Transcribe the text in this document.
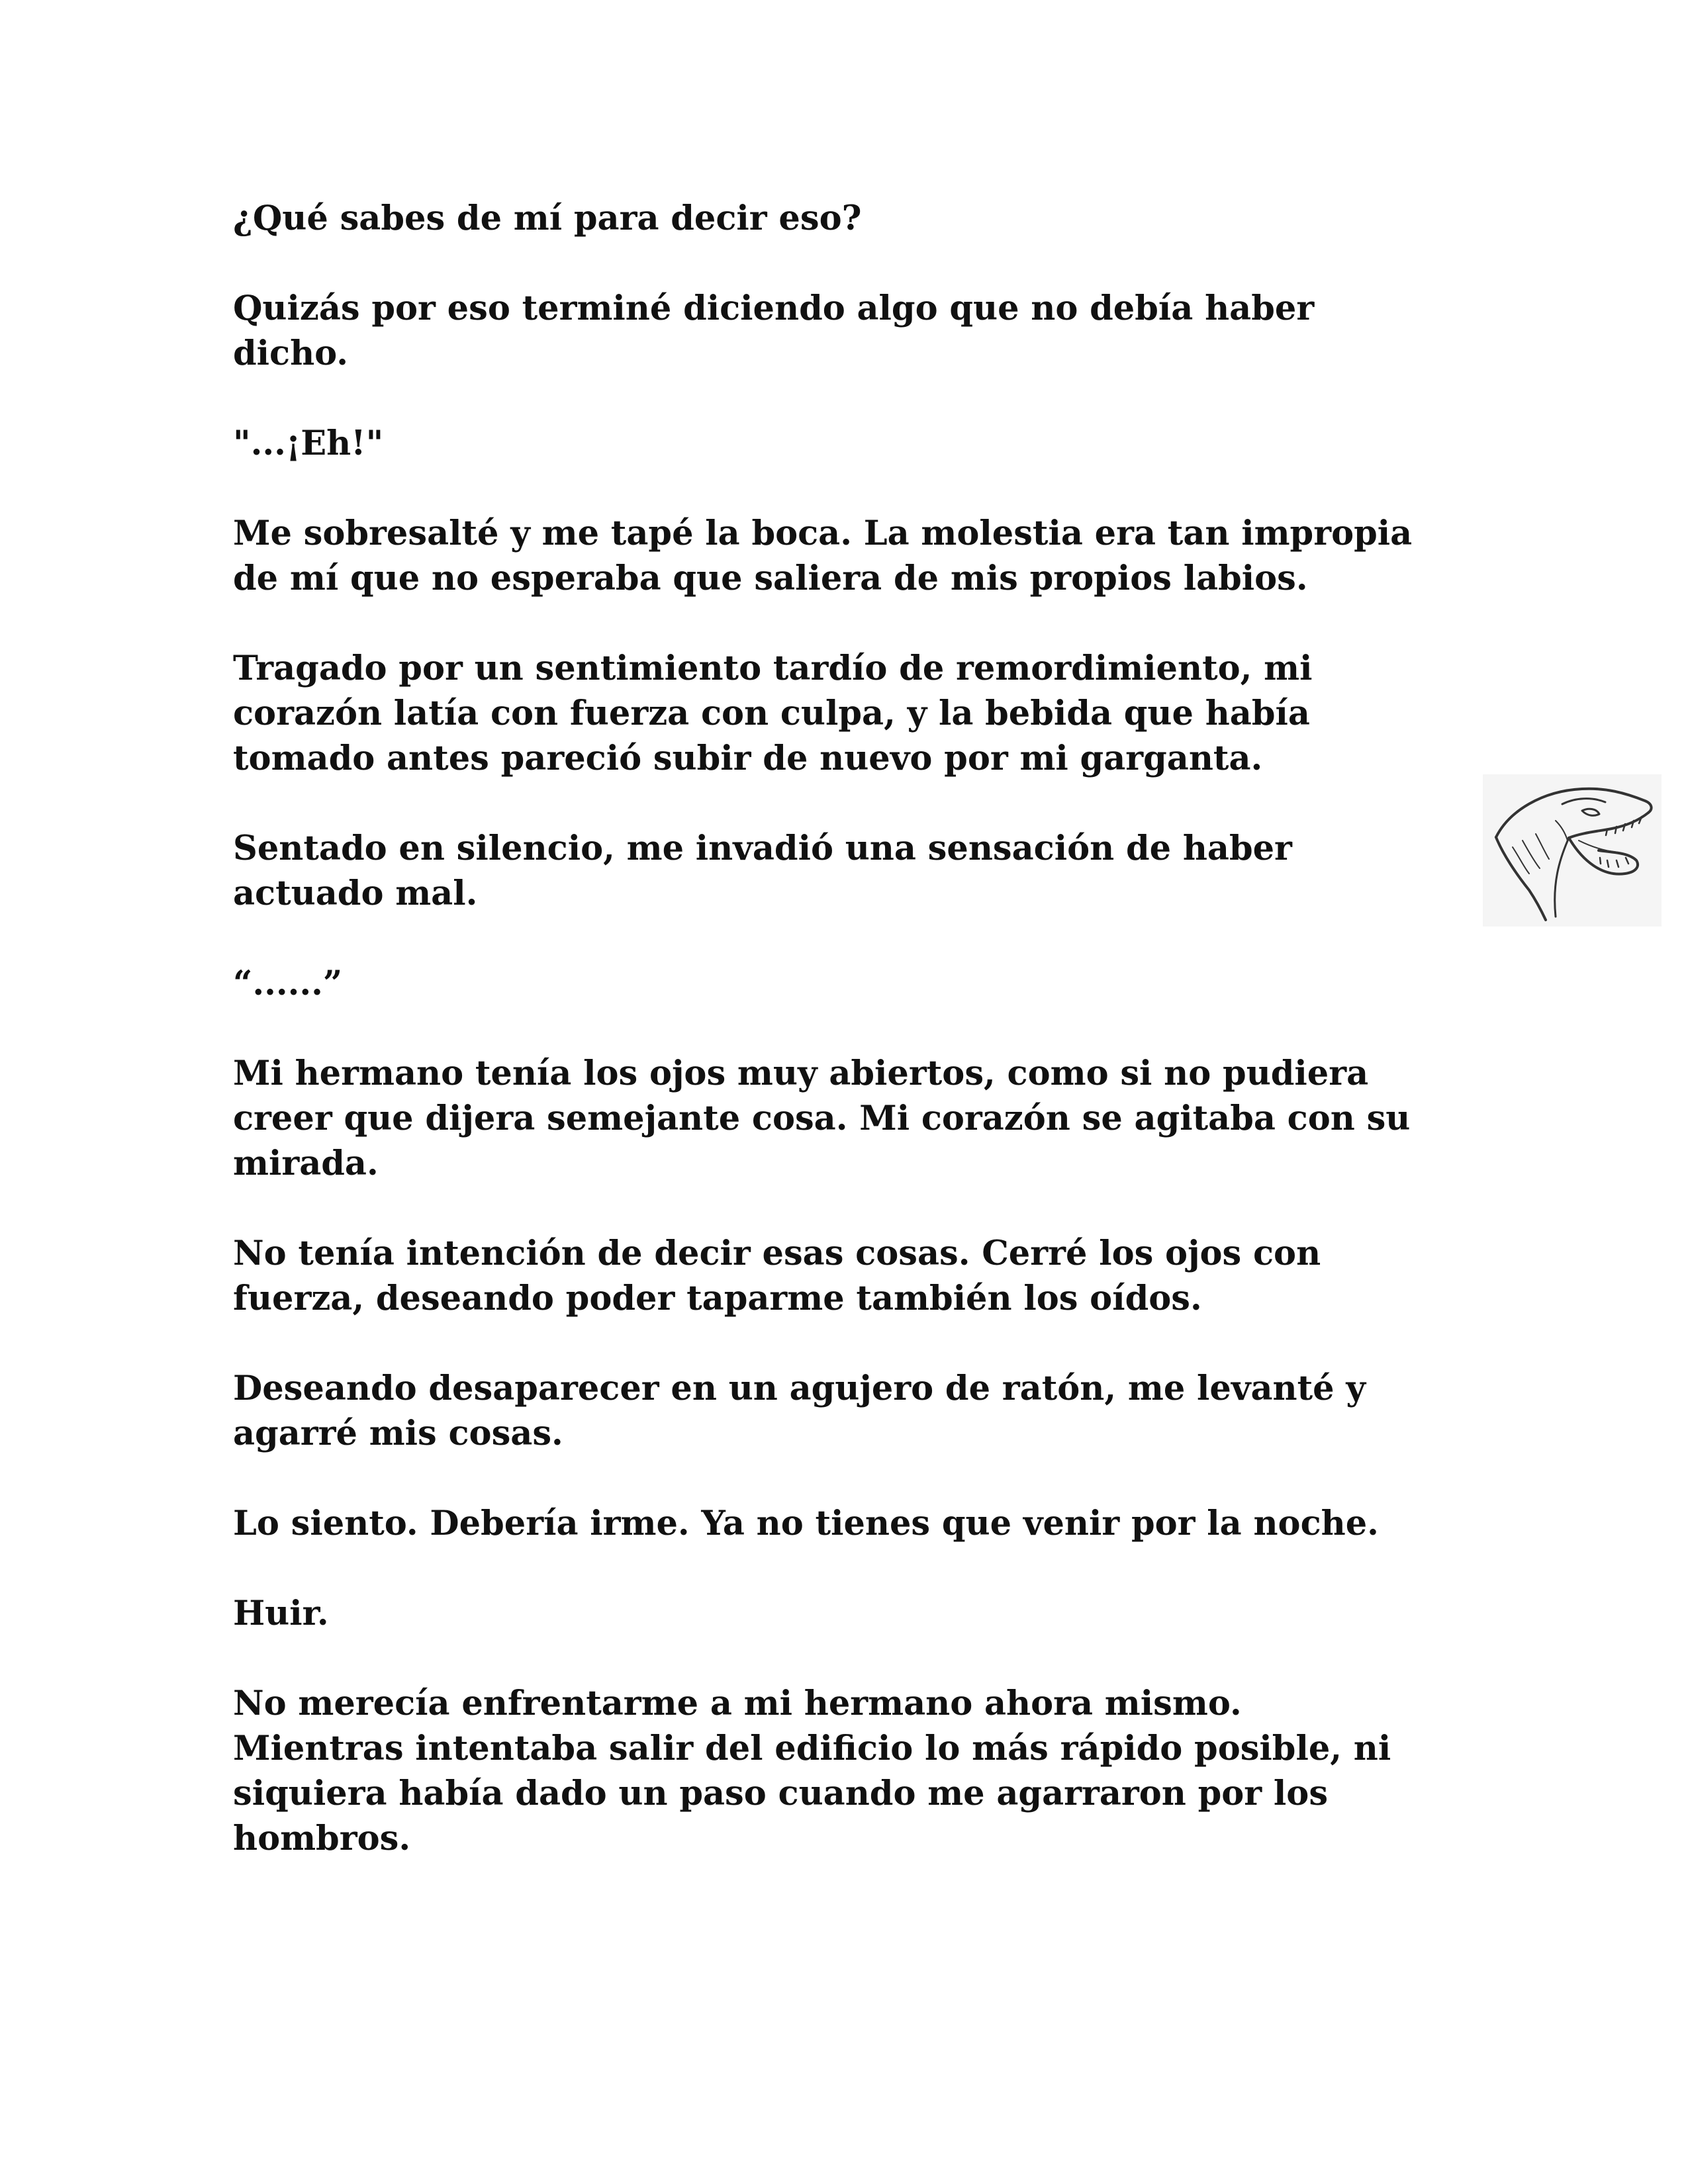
¿Qué sabes de mí para decir eso?

Quizás por eso terminé diciendo algo que no debía haber
dicho.

"...¡Eh!"

Me sobresalté y me tapé la boca. La molestia era tan impropia
de mí que no esperaba que saliera de mis propios labios.

Tragado por un sentimiento tardío de remordimiento, mi
corazón latía con fuerza con culpa, y la bebida que había
tomado antes pareció subir de nuevo por mi garganta.

Sentado en silencio, me invadió una sensación de haber
actuado mal.

“......”

Mi hermano tenía los ojos muy abiertos, como si no pudiera
creer que dijera semejante cosa. Mi corazón se agitaba con su
mirada.

No tenía intención de decir esas cosas. Cerré los ojos con
fuerza, deseando poder taparme también los oídos.

Deseando desaparecer en un agujero de ratón, me levanté y
agarré mis cosas.

Lo siento. Debería irme. Ya no tienes que venir por la noche.

Huir.

No merecía enfrentarme a mi hermano ahora mismo.
Mientras intentaba salir del edificio lo más rápido posible, ni
siquiera había dado un paso cuando me agarraron por los
hombros.
